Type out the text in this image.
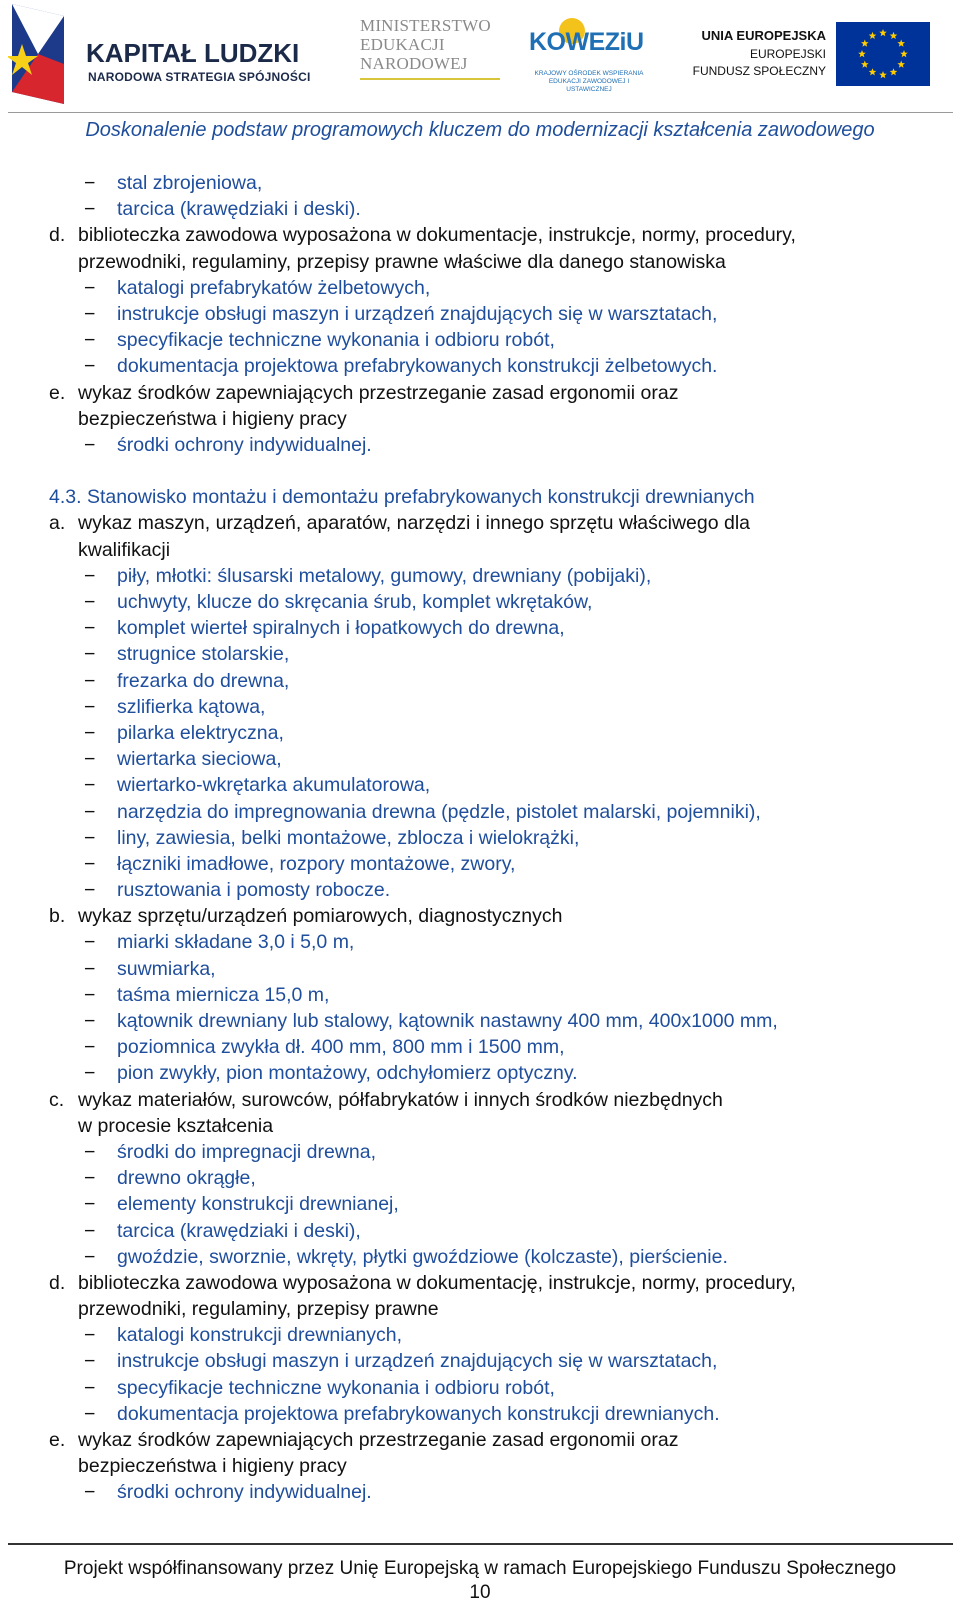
KAPITAŁ LUDZKI
NARODOWA STRATEGIA SPÓJNOŚCI
MINISTERSTWO
EDUKACJI
NARODOWEJ
KOWEZiU
KRAJOWY OŚRODEK WSPIERANIA EDUKACJI ZAWODOWEJ I USTAWICZNEJ
UNIA EUROPEJSKA
EUROPEJSKI
FUNDUSZ SPOŁECZNY
Doskonalenie podstaw programowych kluczem do modernizacji kształcenia zawodowego
− stal zbrojeniowa,
− tarcica (krawędziaki i deski).
d. biblioteczka zawodowa wyposażona w dokumentacje, instrukcje, normy, procedury,
przewodniki, regulaminy, przepisy prawne właściwe dla danego stanowiska
− katalogi prefabrykatów żelbetowych,
− instrukcje obsługi maszyn i urządzeń znajdujących się w warsztatach,
− specyfikacje techniczne wykonania i odbioru robót,
− dokumentacja projektowa prefabrykowanych konstrukcji żelbetowych.
e. wykaz środków zapewniających przestrzeganie zasad ergonomii oraz
bezpieczeństwa i higieny pracy
− środki ochrony indywidualnej.
4.3. Stanowisko montażu i demontażu prefabrykowanych konstrukcji drewnianych
a. wykaz maszyn, urządzeń, aparatów, narzędzi i innego sprzętu właściwego dla
kwalifikacji
− piły, młotki: ślusarski metalowy, gumowy, drewniany (pobijaki),
− uchwyty, klucze do skręcania śrub, komplet wkrętaków,
− komplet wierteł spiralnych i łopatkowych do drewna,
− strugnice stolarskie,
− frezarka do drewna,
− szlifierka kątowa,
− pilarka elektryczna,
− wiertarka sieciowa,
− wiertarko-wkrętarka akumulatorowa,
− narzędzia do impregnowania drewna (pędzle, pistolet malarski, pojemniki),
− liny, zawiesia, belki montażowe, zblocza i wielokrążki,
− łączniki imadłowe, rozpory montażowe, zwory,
− rusztowania i pomosty robocze.
b. wykaz sprzętu/urządzeń pomiarowych, diagnostycznych
− miarki składane 3,0 i 5,0 m,
− suwmiarka,
− taśma miernicza 15,0 m,
− kątownik drewniany lub stalowy, kątownik nastawny 400 mm, 400x1000 mm,
− poziomnica zwykła dł. 400 mm, 800 mm i 1500 mm,
− pion zwykły, pion montażowy, odchyłomierz optyczny.
c. wykaz materiałów, surowców, półfabrykatów i innych środków niezbędnych
w procesie kształcenia
− środki do impregnacji drewna,
− drewno okrągłe,
− elementy konstrukcji drewnianej,
− tarcica (krawędziaki i deski),
− gwoździe, sworznie, wkręty, płytki gwoździowe (kolczaste), pierścienie.
d. biblioteczka zawodowa wyposażona w dokumentację, instrukcje, normy, procedury,
przewodniki, regulaminy, przepisy prawne
− katalogi konstrukcji drewnianych,
− instrukcje obsługi maszyn i urządzeń znajdujących się w warsztatach,
− specyfikacje techniczne wykonania i odbioru robót,
− dokumentacja projektowa prefabrykowanych konstrukcji drewnianych.
e. wykaz środków zapewniających przestrzeganie zasad ergonomii oraz
bezpieczeństwa i higieny pracy
− środki ochrony indywidualnej.
Projekt współfinansowany przez Unię Europejską w ramach Europejskiego Funduszu Społecznego
10
